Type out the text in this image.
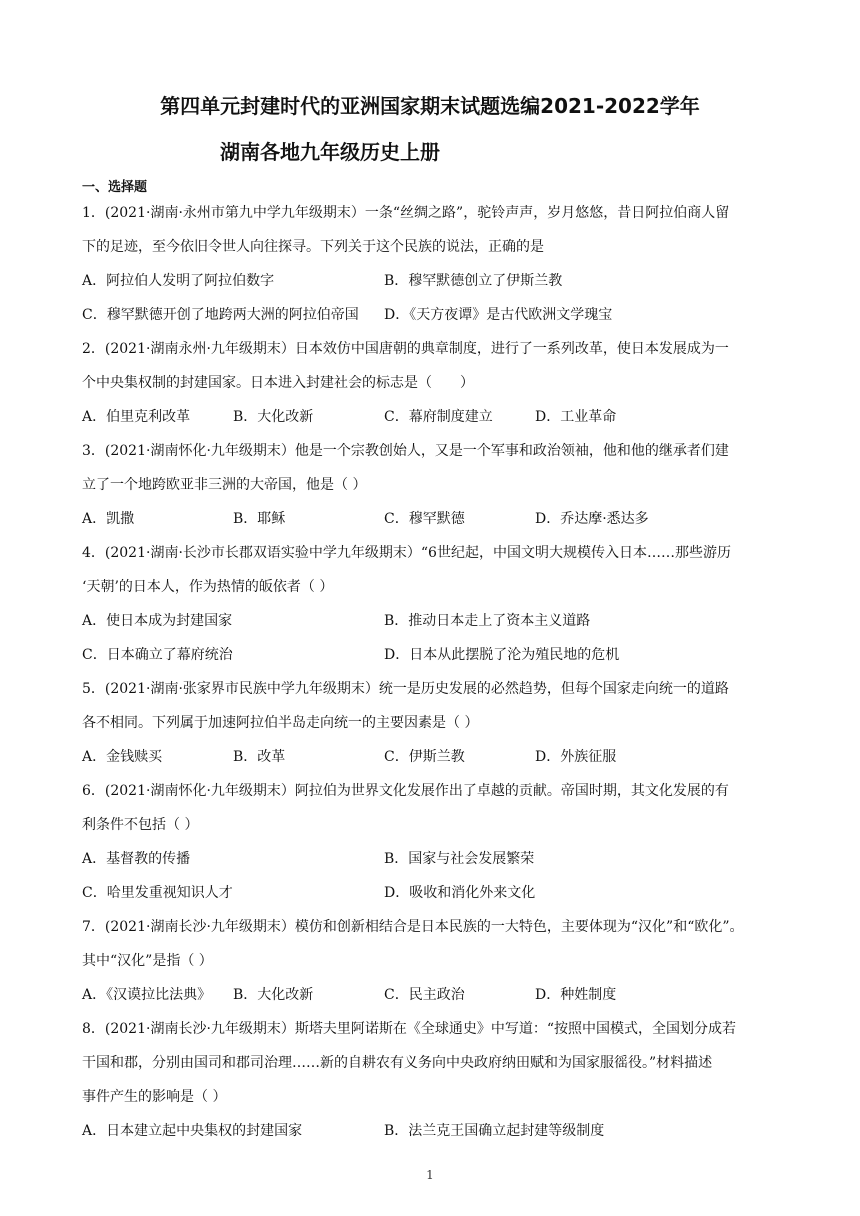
第四单元封建时代的亚洲国家期末试题选编2021-2022学年
湖南各地九年级历史上册
一、选择题
1．(2021·湖南·永州市第九中学九年级期末）一条“丝绸之路”，驼铃声声，岁月悠悠，昔日阿拉伯商人留
下的足迹，至今依旧令世人向往探寻。下列关于这个民族的说法，正确的是
A．阿拉伯人发明了阿拉伯数字	B．穆罕默德创立了伊斯兰教
C．穆罕默德开创了地跨两大洲的阿拉伯帝国 D．《天方夜谭》是古代欧洲文学瑰宝
2．(2021·湖南永州·九年级期末）日本效仿中国唐朝的典章制度，进行了一系列改革，使日本发展成为一
个中央集权制的封建国家。日本进入封建社会的标志是（　　）
A．伯里克利改革	B．大化改新	C．幕府制度建立	D．工业革命
3．(2021·湖南怀化·九年级期末）他是一个宗教创始人，又是一个军事和政治领袖，他和他的继承者们建
立了一个地跨欧亚非三洲的大帝国，他是（ ）
A．凯撒	B．耶稣	C．穆罕默德	D．乔达摩·悉达多
4．(2021·湖南·长沙市长郡双语实验中学九年级期末）“6世纪起，中国文明大规模传入日本……那些游历
‘天朝’的日本人，作为热情的皈依者（ ）
A．使日本成为封建国家	B．推动日本走上了资本主义道路
C．日本确立了幕府统治	D．日本从此摆脱了沦为殖民地的危机
5．(2021·湖南·张家界市民族中学九年级期末）统一是历史发展的必然趋势，但每个国家走向统一的道路
各不相同。下列属于加速阿拉伯半岛走向统一的主要因素是（ ）
A．金钱赎买	B．改革	C．伊斯兰教	D．外族征服
6．(2021·湖南怀化·九年级期末）阿拉伯为世界文化发展作出了卓越的贡献。帝国时期，其文化发展的有
利条件不包括（ ）
A．基督教的传播	B．国家与社会发展繁荣
C．哈里发重视知识人才	D．吸收和消化外来文化
7．(2021·湖南长沙·九年级期末）模仿和创新相结合是日本民族的一大特色，主要体现为“汉化”和“欧化”。
其中“汉化”是指（ ）
A．《汉谟拉比法典》 B．大化改新	C．民主政治	D．种姓制度
8．(2021·湖南长沙·九年级期末）斯塔夫里阿诺斯在《全球通史》中写道：“按照中国模式，全国划分成若
干国和郡，分别由国司和郡司治理……新的自耕农有义务向中央政府纳田赋和为国家服徭役。”材料描述
事件产生的影响是（ ）
A．日本建立起中央集权的封建国家	B．法兰克王国确立起封建等级制度
1
